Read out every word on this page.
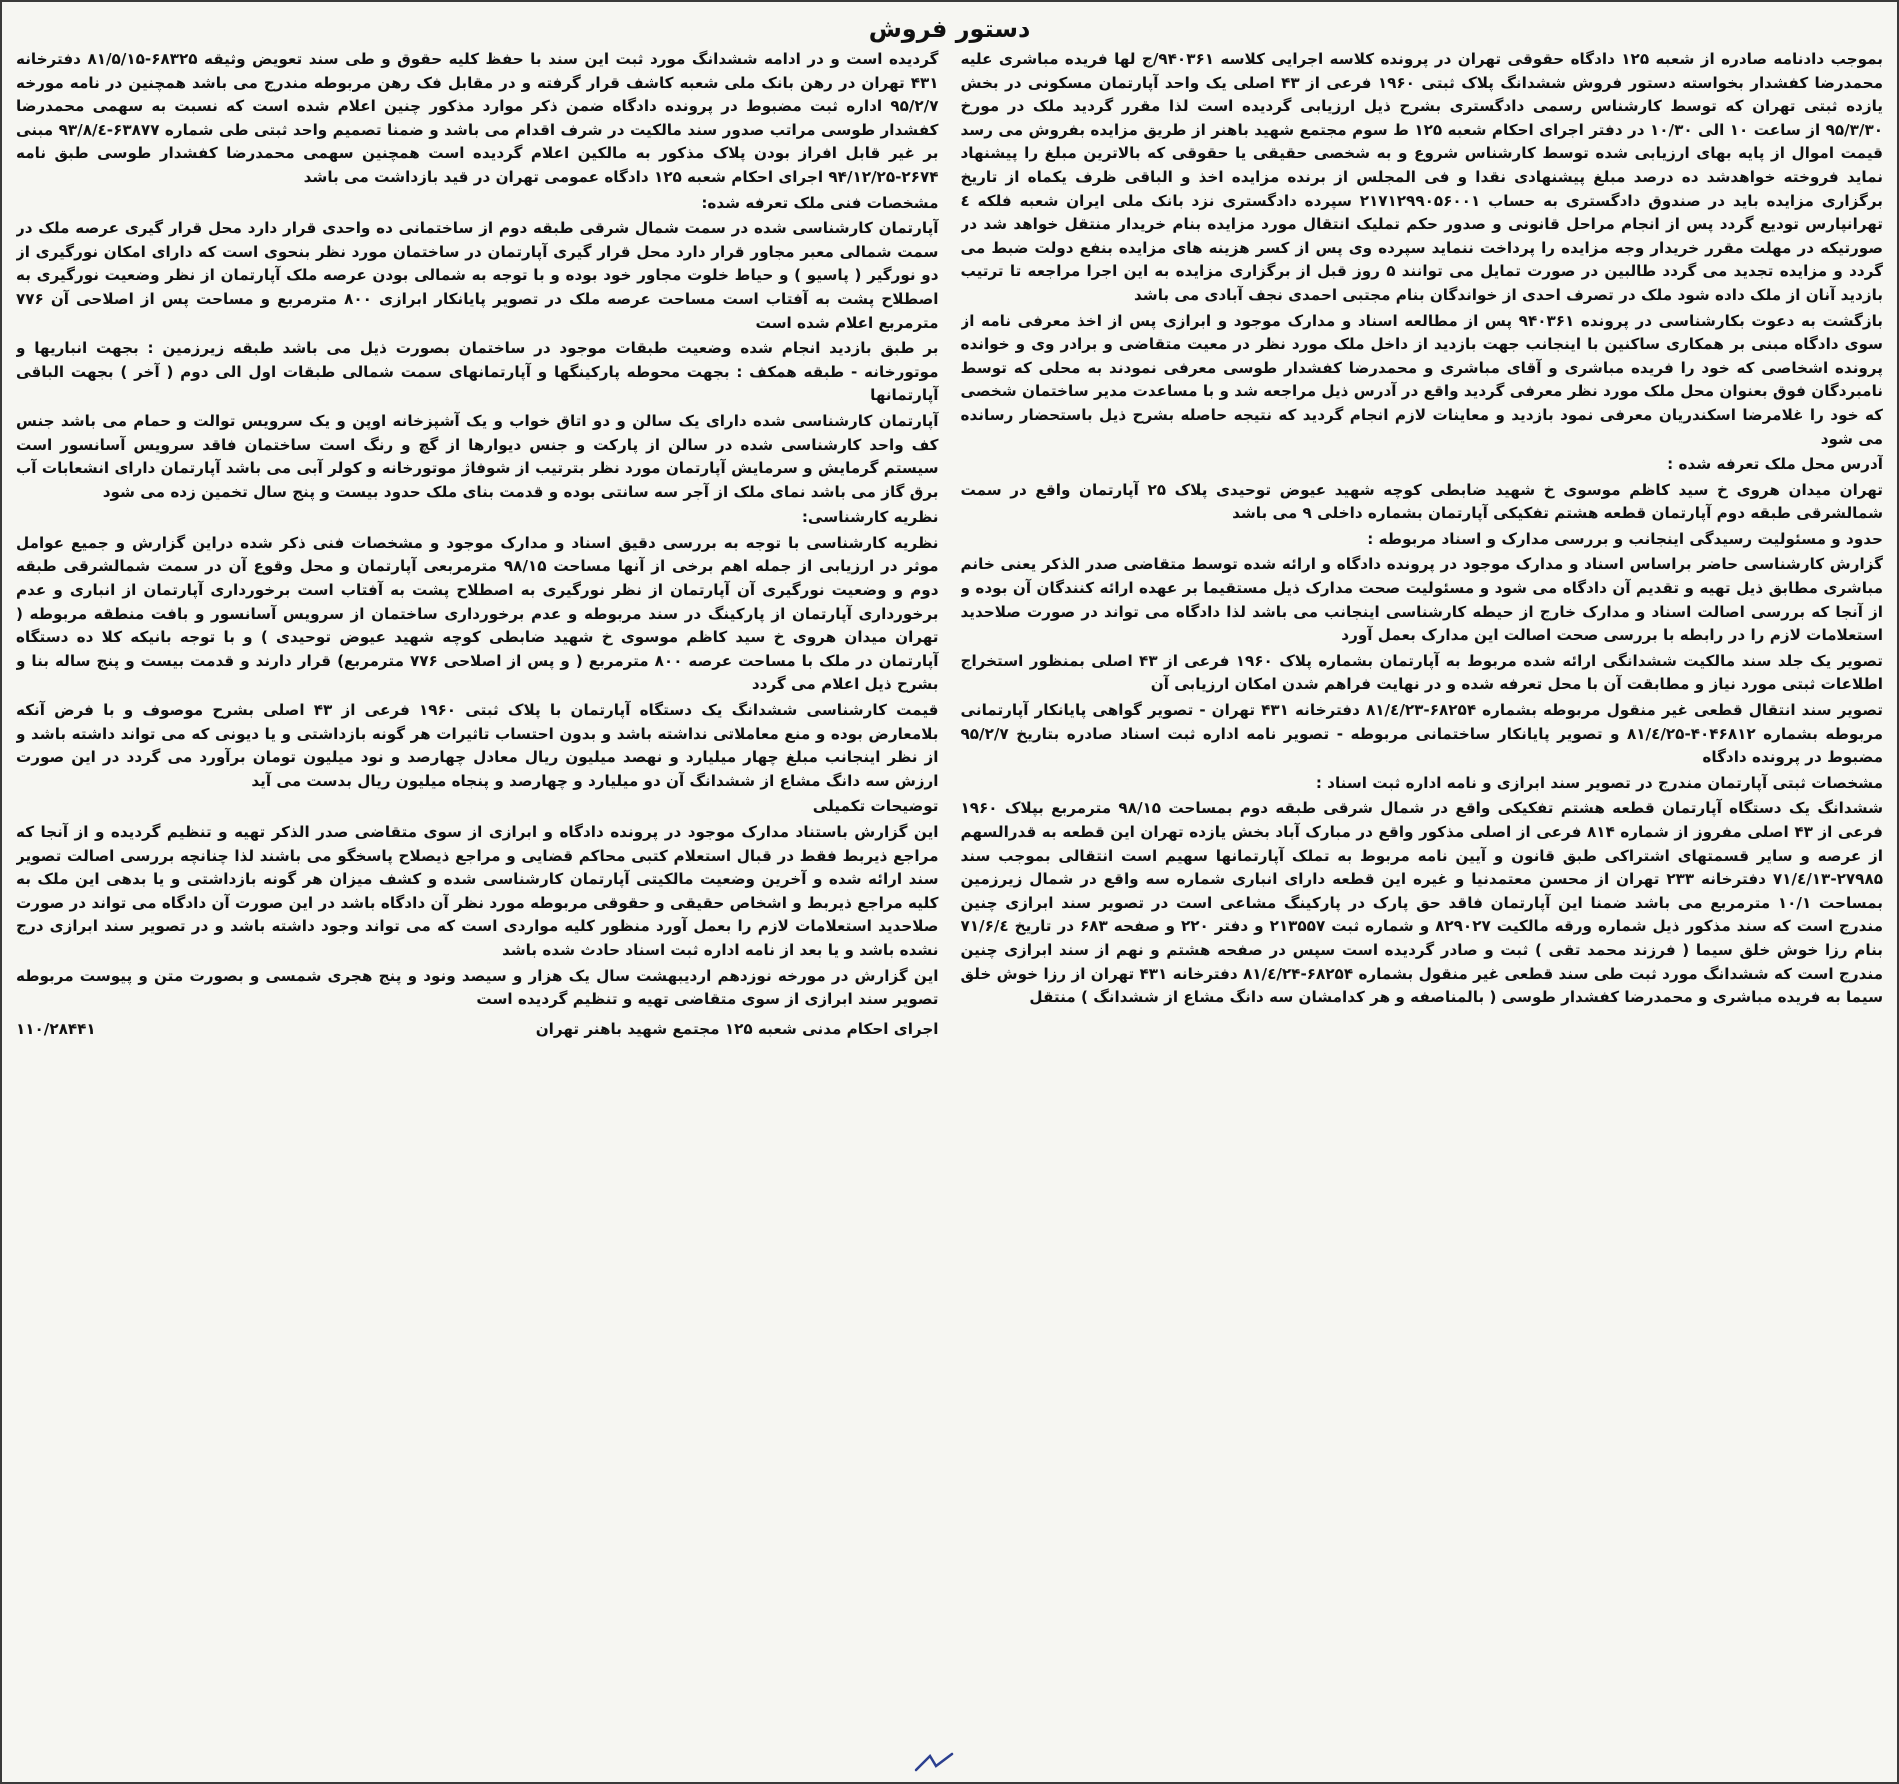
دستور فروش

بموجب دادنامه صادره از شعبه ۱۲۵ دادگاه حقوقی تهران در پرونده کلاسه اجرایی کلاسه ۹۴۰۳۶۱/ج لها فریده مباشری علیه محمدرضا کفشدار بخواسته دستور فروش ششدانگ پلاک ثبتی ۱۹۶۰ فرعی از ۴۳ اصلی یک واحد آپارتمان مسکونی در بخش یازده ثبتی تهران که توسط کارشناس رسمی دادگستری بشرح ذیل ارزیابی گردیده است لذا مقرر گردید ملک در مورخ ۹۵/۳/۳۰ از ساعت ۱۰ الی ۱۰/۳۰ در دفتر اجرای احکام شعبه ۱۲۵ ط سوم مجتمع شهید باهنر از طریق مزایده بفروش می رسد قیمت اموال از پایه بهای ارزیابی شده توسط کارشناس شروع و به شخصی حقیقی یا حقوقی که بالاترین مبلغ را پیشنهاد نماید فروخته خواهدشد ده درصد مبلغ پیشنهادی نقدا و فی المجلس از برنده مزایده اخذ و الباقی ظرف یکماه از تاریخ برگزاری مزایده باید در صندوق دادگستری به حساب ۲۱۷۱۲۹۹۰۵۶۰۰۱ سپرده دادگستری نزد بانک ملی ایران شعبه فلکه ٤ تهرانپارس تودیع گردد پس از انجام مراحل قانونی و صدور حکم تملیک انتقال مورد مزایده بنام خریدار منتقل خواهد شد در صورتیکه در مهلت مقرر خریدار وجه مزایده را پرداخت ننماید سپرده وی پس از کسر هزینه های مزایده بنفع دولت ضبط می گردد و مزایده تجدید می گردد طالبین در صورت تمایل می توانند ۵ روز قبل از برگزاری مزایده به این اجرا مراجعه تا ترتیب بازدید آنان از ملک داده شود ملک در تصرف احدی از خواندگان بنام مجتبی احمدی نجف آبادی می باشد

بازگشت به دعوت بکارشناسی در پرونده ۹۴۰۳۶۱ پس از مطالعه اسناد و مدارک موجود و ابرازی پس از اخذ معرفی نامه از سوی دادگاه مبنی بر همکاری ساکنین با اینجانب جهت بازدید از داخل ملک مورد نظر در معیت متقاضی و برادر وی و خوانده پرونده اشخاصی که خود را فریده مباشری و آقای مباشری و محمدرضا کفشدار طوسی معرفی نمودند به محلی که توسط نامبردگان فوق بعنوان محل ملک مورد نظر معرفی گردید واقع در آدرس ذیل مراجعه شد و با مساعدت مدیر ساختمان شخصی که خود را غلامرضا اسکندریان معرفی نمود بازدید و معاینات لازم انجام گردید که نتیجه حاصله بشرح ذیل باستحضار رسانده می شود

آدرس محل ملک تعرفه شده :

تهران میدان هروی خ سید کاظم موسوی خ شهید ضابطی کوچه شهید عیوض توحیدی پلاک ۲۵ آپارتمان واقع در سمت شمالشرقی طبقه دوم آپارتمان قطعه هشتم تفکیکی آپارتمان بشماره داخلی ۹ می باشد

حدود و مسئولیت رسیدگی اینجانب و بررسی مدارک و اسناد مربوطه :

گزارش کارشناسی حاضر براساس اسناد و مدارک موجود در پرونده دادگاه و ارائه شده توسط متقاضی صدر الذکر یعنی خانم مباشری مطابق ذیل تهیه و تقدیم آن دادگاه می شود و مسئولیت صحت مدارک ذیل مستقیما بر عهده ارائه کنندگان آن بوده و از آنجا که بررسی اصالت اسناد و مدارک خارج از حیطه کارشناسی اینجانب می باشد لذا دادگاه می تواند در صورت صلاحدید استعلامات لازم را در رابطه با بررسی صحت اصالت این مدارک بعمل آورد

تصویر یک جلد سند مالکیت ششدانگی ارائه شده مربوط به آپارتمان بشماره پلاک ۱۹۶۰ فرعی از ۴۳ اصلی بمنظور استخراج اطلاعات ثبتی مورد نیاز و مطابقت آن با محل تعرفه شده و در نهایت فراهم شدن امکان ارزیابی آن

تصویر سند انتقال قطعی غیر منقول مربوطه بشماره ۶۸۲۵۴-۸۱/٤/۲۳ دفترخانه ۴۳۱ تهران - تصویر گواهی پایانکار آپارتمانی مربوطه بشماره ۴۰۴۶۸۱۲-۸۱/٤/۲۵ و تصویر پایانکار ساختمانی مربوطه - تصویر نامه اداره ثبت اسناد صادره بتاریخ ۹۵/۲/۷ مضبوط در پرونده دادگاه

مشخصات ثبتی آپارتمان مندرج در تصویر سند ابرازی و نامه اداره ثبت اسناد :

ششدانگ یک دستگاه آپارتمان قطعه هشتم تفکیکی واقع در شمال شرقی طبقه دوم بمساحت ۹۸/۱۵ مترمربع بپلاک ۱۹۶۰ فرعی از ۴۳ اصلی مفروز از شماره ۸۱۴ فرعی از اصلی مذکور واقع در مبارک آباد بخش یازده تهران این قطعه به قدرالسهم از عرصه و سایر قسمتهای اشتراکی طبق قانون و آیین نامه مربوط به تملک آپارتمانها سهیم است انتقالی بموجب سند ۲۷۹۸۵-۷۱/٤/۱۳ دفترخانه ۲۳۳ تهران از محسن معتمدنیا و غیره این قطعه دارای انباری شماره سه واقع در شمال زیرزمین بمساحت ۱۰/۱ مترمربع می باشد ضمنا این آپارتمان فاقد حق پارک در پارکینگ مشاعی است در تصویر سند ابرازی چنین مندرج است که سند مذکور ذیل شماره ورقه مالکیت ۸۲۹۰۲۷ و شماره ثبت ۲۱۳۵۵۷ و دفتر ۲۲۰ و صفحه ۶۸۳ در تاریخ ۷۱/۶/٤ بنام رزا خوش خلق سیما ( فرزند محمد تقی ) ثبت و صادر گردیده است سپس در صفحه هشتم و نهم از سند ابرازی چنین مندرج است که ششدانگ مورد ثبت طی سند قطعی غیر منقول بشماره ۶۸۲۵۴-۸۱/٤/۲۴ دفترخانه ۴۳۱ تهران از رزا خوش خلق سیما به فریده مباشری و محمدرضا کفشدار طوسی ( بالمناصفه و هر کدامشان سه دانگ مشاع از ششدانگ ) منتقل

گردیده است و در ادامه ششدانگ مورد ثبت این سند با حفظ کلیه حقوق و طی سند تعویض وثیقه ۶۸۳۲۵-۸۱/۵/۱۵ دفترخانه ۴۳۱ تهران در رهن بانک ملی شعبه کاشف قرار گرفته و در مقابل فک رهن مربوطه مندرج می باشد همچنین در نامه مورخه ۹۵/۲/۷ اداره ثبت مضبوط در پرونده دادگاه ضمن ذکر موارد مذکور چنین اعلام شده است که نسبت به سهمی محمدرضا کفشدار طوسی مراتب صدور سند مالکیت در شرف اقدام می باشد و ضمنا تصمیم واحد ثبتی طی شماره ۶۳۸۷۷-۹۳/۸/٤ مبنی بر غیر قابل افراز بودن پلاک مذکور به مالکین اعلام گردیده است همچنین سهمی محمدرضا کفشدار طوسی طبق نامه ۲۶۷۴-۹۴/۱۲/۲۵ اجرای احکام شعبه ۱۲۵ دادگاه عمومی تهران در قید بازداشت می باشد

مشخصات فنی ملک تعرفه شده:

آپارتمان کارشناسی شده در سمت شمال شرقی طبقه دوم از ساختمانی ده واحدی قرار دارد محل قرار گیری عرصه ملک در سمت شمالی معبر مجاور قرار دارد محل قرار گیری آپارتمان در ساختمان مورد نظر بنحوی است که دارای امکان نورگیری از دو نورگیر ( پاسیو ) و حیاط خلوت مجاور خود بوده و با توجه به شمالی بودن عرصه ملک آپارتمان از نظر وضعیت نورگیری به اصطلاح پشت به آفتاب است مساحت عرصه ملک در تصویر پایانکار ابرازی ۸۰۰ مترمربع و مساحت پس از اصلاحی آن ۷۷۶ مترمربع اعلام شده است

بر طبق بازدید انجام شده وضعیت طبقات موجود در ساختمان بصورت ذیل می باشد طبقه زیرزمین : بجهت انباریها و موتورخانه - طبقه همکف : بجهت محوطه پارکینگها و آپارتمانهای سمت شمالی طبقات اول الی دوم ( آخر ) بجهت الباقی آپارتمانها

آپارتمان کارشناسی شده دارای یک سالن و دو اتاق خواب و یک آشپزخانه اوپن و یک سرویس توالت و حمام می باشد جنس کف واحد کارشناسی شده در سالن از پارکت و جنس دیوارها از گچ و رنگ است ساختمان فاقد سرویس آسانسور است سیستم گرمایش و سرمایش آپارتمان مورد نظر بترتیب از شوفاژ موتورخانه و کولر آبی می باشد آپارتمان دارای انشعابات آب برق گاز می باشد نمای ملک از آجر سه سانتی بوده و قدمت بنای ملک حدود بیست و پنج سال تخمین زده می شود

نظریه کارشناسی:

نظریه کارشناسی با توجه به بررسی دقیق اسناد و مدارک موجود و مشخصات فنی ذکر شده دراین گزارش و جمیع عوامل موثر در ارزیابی از جمله اهم برخی از آنها مساحت ۹۸/۱۵ مترمربعی آپارتمان و محل وقوع آن در سمت شمالشرقی طبقه دوم و وضعیت نورگیری آن آپارتمان از نظر نورگیری به اصطلاح پشت به آفتاب است برخورداری آپارتمان از انباری و عدم برخورداری آپارتمان از پارکینگ در سند مربوطه و عدم برخورداری ساختمان از سرویس آسانسور و بافت منطقه مربوطه ( تهران میدان هروی خ سید کاظم موسوی خ شهید ضابطی کوچه شهید عیوض توحیدی ) و با توجه بانیکه کلا ده دستگاه آپارتمان در ملک با مساحت عرصه ۸۰۰ مترمربع ( و پس از اصلاحی ۷۷۶ مترمربع) قرار دارند و قدمت بیست و پنج ساله بنا و بشرح ذیل اعلام می گردد

قیمت کارشناسی ششدانگ یک دستگاه آپارتمان با پلاک ثبتی ۱۹۶۰ فرعی از ۴۳ اصلی بشرح موصوف و با فرض آنکه بلامعارض بوده و منع معاملاتی نداشته باشد و بدون احتساب تاثیرات هر گونه بازداشتی و یا دیونی که می تواند داشته باشد و از نظر اینجانب مبلغ چهار میلیارد و نهصد میلیون ریال معادل چهارصد و نود میلیون تومان برآورد می گردد در این صورت ارزش سه دانگ مشاع از ششدانگ آن دو میلیارد و چهارصد و پنجاه میلیون ریال بدست می آید

توضیحات تکمیلی

این گزارش باستناد مدارک موجود در پرونده دادگاه و ابرازی از سوی متقاضی صدر الذکر تهیه و تنظیم گردیده و از آنجا که مراجع ذیربط فقط در قبال استعلام کتبی محاکم قضایی و مراجع ذیصلاح پاسخگو می باشند لذا چنانچه بررسی اصالت تصویر سند ارائه شده و آخرین وضعیت مالکیتی آپارتمان کارشناسی شده و کشف میزان هر گونه بازداشتی و یا بدهی این ملک به کلیه مراجع ذیربط و اشخاص حقیقی و حقوقی مربوطه مورد نظر آن دادگاه باشد در این صورت آن دادگاه می تواند در صورت صلاحدید استعلامات لازم را بعمل آورد منظور کلیه مواردی است که می تواند وجود داشته باشد و در تصویر سند ابرازی درج نشده باشد و یا بعد از نامه اداره ثبت اسناد حادث شده باشد

این گزارش در مورخه نوزدهم اردیبهشت سال یک هزار و سیصد ونود و پنج هجری شمسی و بصورت متن و پیوست مربوطه تصویر سند ابرازی از سوی متقاضی تهیه و تنظیم گردیده است

اجرای احکام مدنی شعبه ۱۲۵ مجتمع شهید باهنر تهران
۱۱۰/۲۸۴۴۱
